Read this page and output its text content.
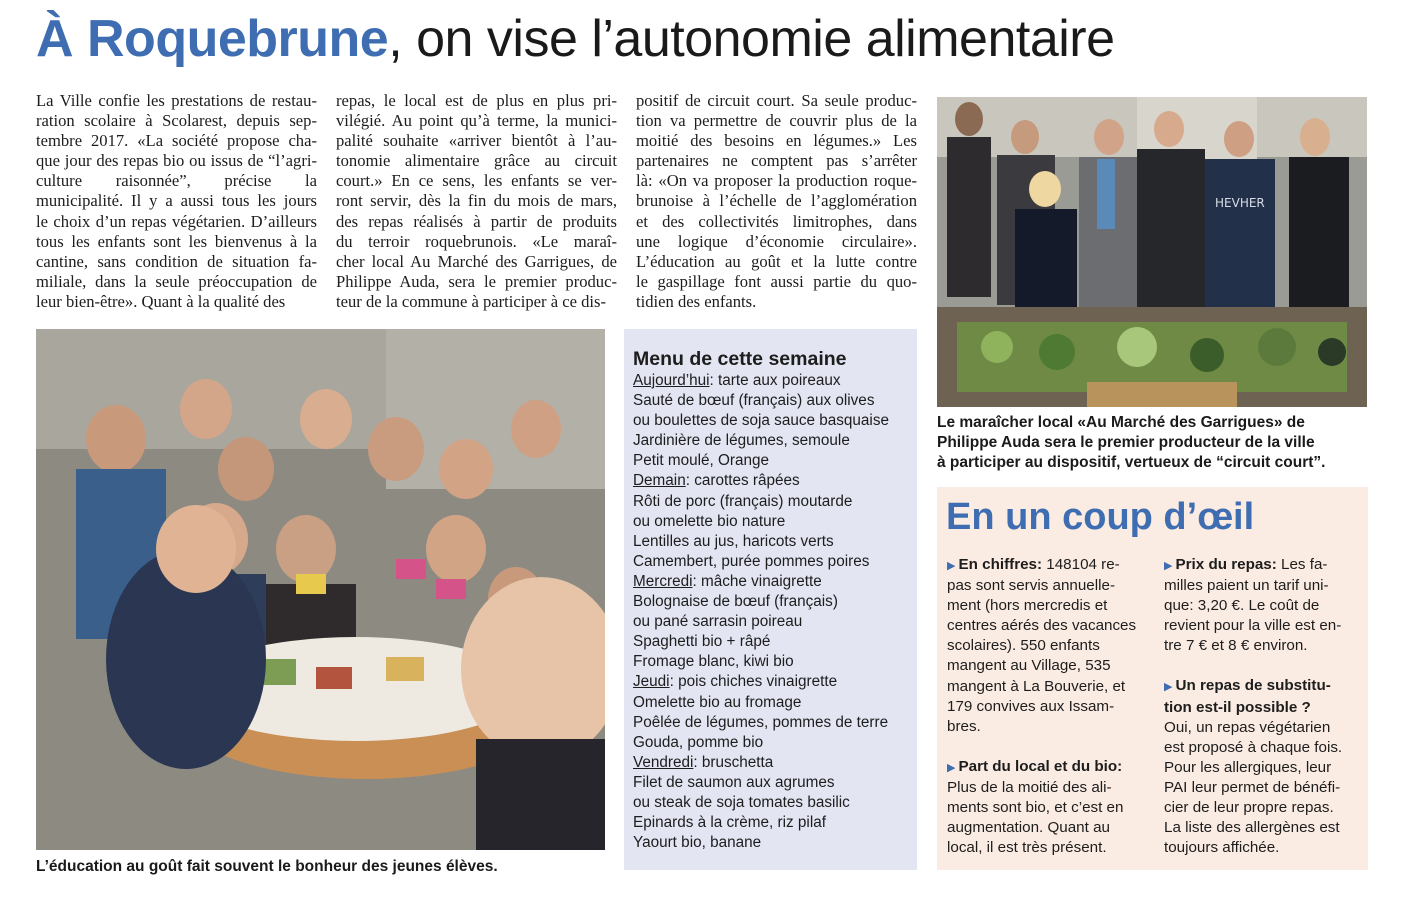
À Roquebrune, on vise l’autonomie alimentaire
La Ville confie les prestations de restau-
ration scolaire à Scolarest, depuis sep-
tembre 2017. «La société propose cha-
que jour des repas bio ou issus de “l’agri-
culture raisonnée”, précise la
municipalité. Il y a aussi tous les jours
le choix d’un repas végétarien. D’ailleurs
tous les enfants sont les bienvenus à la
cantine, sans condition de situation fa-
miliale, dans la seule préoccupation de
leur bien-être». Quant à la qualité des
repas, le local est de plus en plus pri-
vilégié. Au point qu’à terme, la munici-
palité souhaite «arriver bientôt à l’au-
tonomie alimentaire grâce au circuit
court.» En ce sens, les enfants se ver-
ront servir, dès la fin du mois de mars,
des repas réalisés à partir de produits
du terroir roquebrunois. «Le maraî-
cher local Au Marché des Garrigues, de
Philippe Auda, sera le premier produc-
teur de la commune à participer à ce dis-
positif de circuit court. Sa seule produc-
tion va permettre de couvrir plus de la
moitié des besoins en légumes.» Les
partenaires ne comptent pas s’arrêter
là: «On va proposer la production roque-
brunoise à l’échelle de l’agglomération
et des collectivités limitrophes, dans
une logique d’économie circulaire».
L’éducation au goût et la lutte contre
le gaspillage font aussi partie du quo-
tidien des enfants.
HEVHER
Le maraîcher local «Au Marché des Garrigues» de
Philippe Auda sera le premier producteur de la ville
à participer au dispositif, vertueux de “circuit court”.
L’éducation au goût fait souvent le bonheur des jeunes élèves.
Menu de cette semaine
Aujourd’hui: tarte aux poireaux
Sauté de bœuf (français) aux olives
ou boulettes de soja sauce basquaise
Jardinière de légumes, semoule
Petit moulé, Orange
Demain: carottes râpées
Rôti de porc (français) moutarde
ou omelette bio nature
Lentilles au jus, haricots verts
Camembert, purée pommes poires
Mercredi: mâche vinaigrette
Bolognaise de bœuf (français)
ou pané sarrasin poireau
Spaghetti bio + râpé
Fromage blanc, kiwi bio
Jeudi: pois chiches vinaigrette
Omelette bio au fromage
Poêlée de légumes, pommes de terre
Gouda, pomme bio
Vendredi: bruschetta
Filet de saumon aux agrumes
ou steak de soja tomates basilic
Epinards à la crème, riz pilaf
Yaourt bio, banane
En un coup d’œil
▶ En chiffres: 148104 re-
pas sont servis annuelle-
ment (hors mercredis et
centres aérés des vacances
scolaires). 550 enfants
mangent au Village, 535
mangent à La Bouverie, et
179 convives aux Issam-
bres.
▶ Part du local et du bio:
Plus de la moitié des ali-
ments sont bio, et c’est en
augmentation. Quant au
local, il est très présent.
▶ Prix du repas: Les fa-
milles paient un tarif uni-
que: 3,20 €. Le coût de
revient pour la ville est en-
tre 7 € et 8 € environ.
▶ Un repas de substitu-
tion est-il possible ?
Oui, un repas végétarien
est proposé à chaque fois.
Pour les allergiques, leur
PAI leur permet de bénéfi-
cier de leur propre repas.
La liste des allergènes est
toujours affichée.
